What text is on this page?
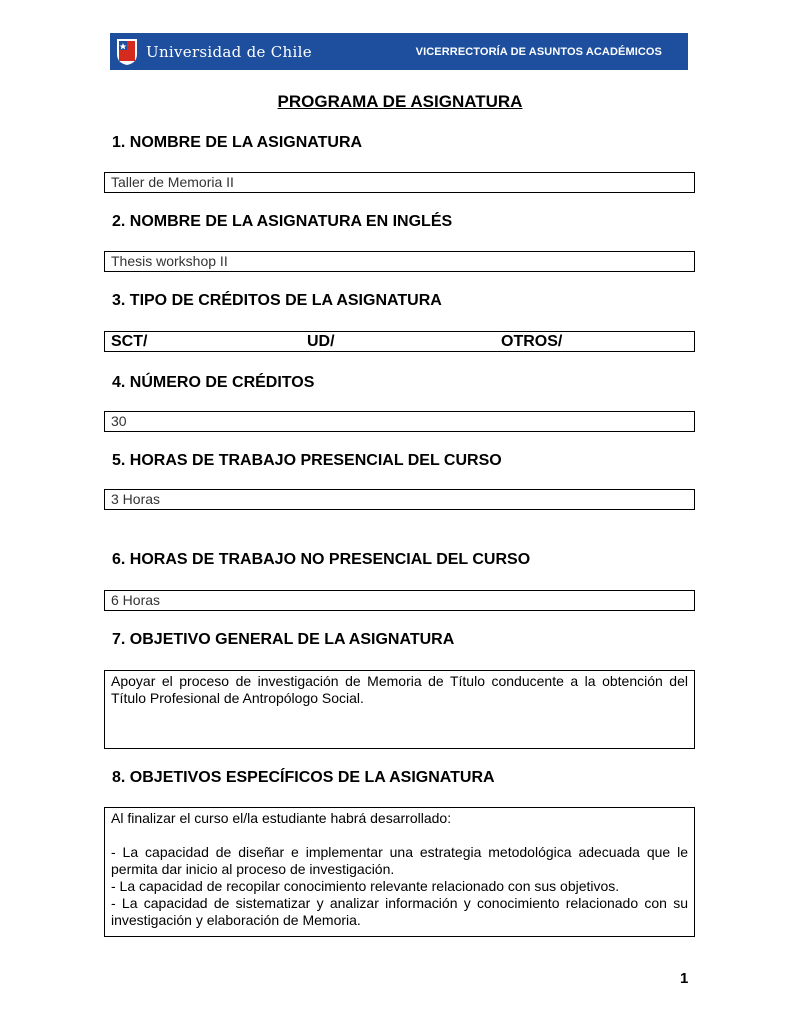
Universidad de Chile	VICERRECTORÍA DE ASUNTOS ACADÉMICOS
PROGRAMA DE ASIGNATURA
1. NOMBRE DE LA ASIGNATURA
Taller de Memoria II
2. NOMBRE DE LA ASIGNATURA EN INGLÉS
Thesis workshop II
3. TIPO DE CRÉDITOS DE LA ASIGNATURA
SCT/	UD/	OTROS/
4. NÚMERO DE CRÉDITOS
30
5. HORAS DE TRABAJO PRESENCIAL DEL CURSO
3 Horas
6. HORAS DE TRABAJO NO PRESENCIAL DEL CURSO
6 Horas
7. OBJETIVO GENERAL DE LA ASIGNATURA

Apoyar el proceso de investigación de Memoria de Título conducente a la obtención del Título Profesional de Antropólogo Social.

8. OBJETIVOS ESPECÍFICOS DE LA ASIGNATURA

Al finalizar el curso el/la estudiante habrá desarrollado:

- La capacidad de diseñar e implementar una estrategia metodológica adecuada que le permita dar inicio al proceso de investigación.

- La capacidad de recopilar conocimiento relevante relacionado con sus objetivos.

- La capacidad de sistematizar y analizar información y conocimiento relacionado con su investigación y elaboración de Memoria.

1
